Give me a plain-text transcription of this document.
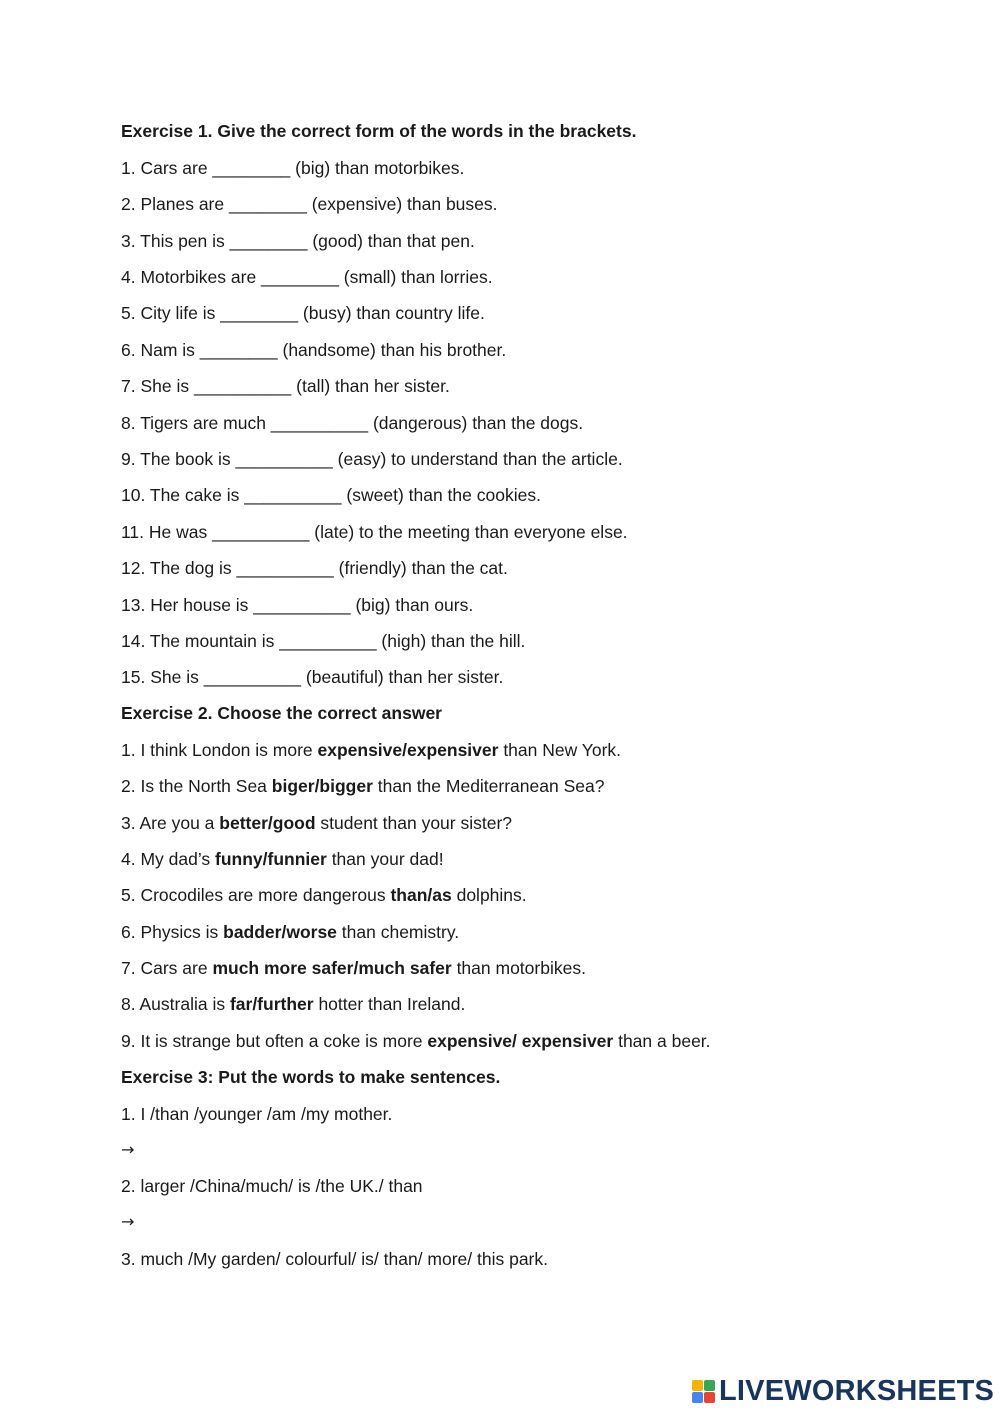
Exercise 1. Give the correct form of the words in the brackets.
1. Cars are ________ (big) than motorbikes.
2. Planes are ________ (expensive) than buses.
3. This pen is ________ (good) than that pen.
4. Motorbikes are ________ (small) than lorries.
5. City life is ________ (busy) than country life.
6. Nam is ________ (handsome) than his brother.
7. She is __________ (tall) than her sister.
8. Tigers are much __________ (dangerous) than the dogs.
9. The book is __________ (easy) to understand than the article.
10. The cake is __________ (sweet) than the cookies.
11. He was __________ (late) to the meeting than everyone else.
12. The dog is __________ (friendly) than the cat.
13. Her house is __________ (big) than ours.
14. The mountain is __________ (high) than the hill.
15. She is __________ (beautiful) than her sister.
Exercise 2. Choose the correct answer
1. I think London is more expensive/expensiver than New York.
2. Is the North Sea biger/bigger than the Mediterranean Sea?
3. Are you a better/good student than your sister?
4. My dad’s funny/funnier than your dad!
5. Crocodiles are more dangerous than/as dolphins.
6. Physics is badder/worse than chemistry.
7. Cars are much more safer/much safer than motorbikes.
8. Australia is far/further hotter than Ireland.
9. It is strange but often a coke is more expensive/ expensiver than a beer.
Exercise 3: Put the words to make sentences.
1. I /than /younger /am /my mother.
→
2. larger /China/much/ is /the UK./ than
→
3. much /My garden/ colourful/ is/ than/ more/ this park.
LIVEWORKSHEETS
